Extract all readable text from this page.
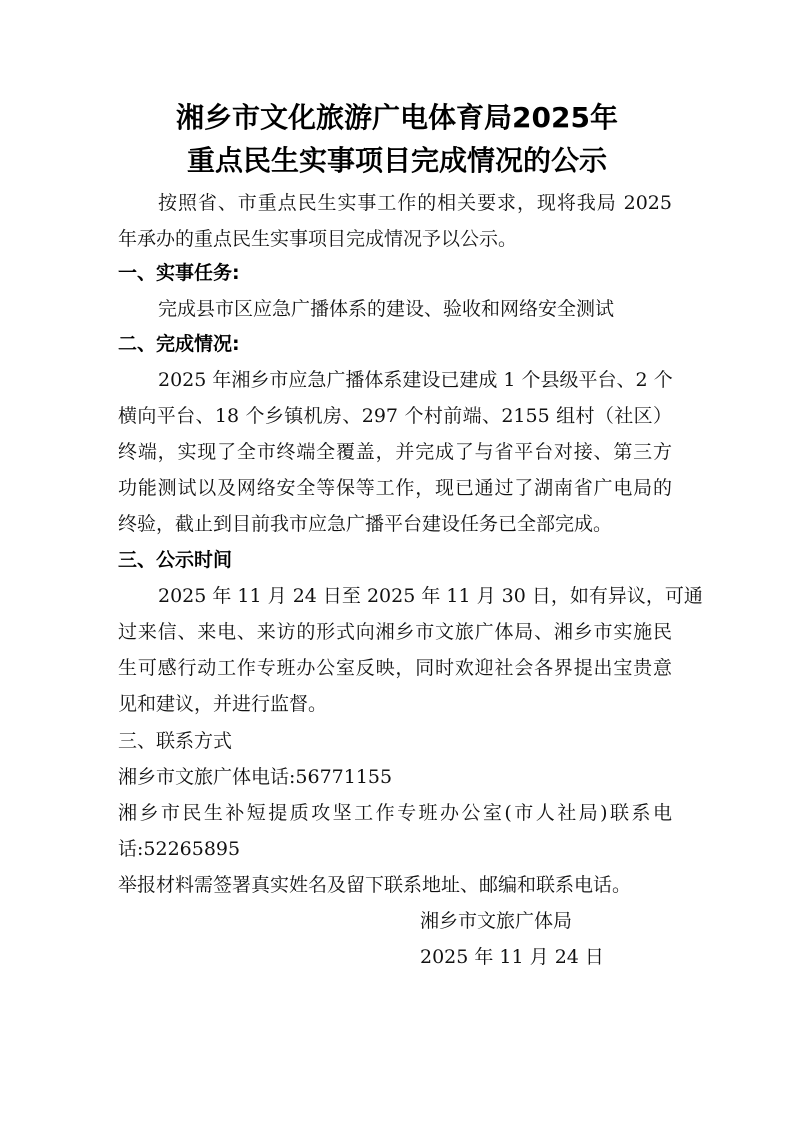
湘乡市文化旅游广电体育局2025年
重点民生实事项目完成情况的公示
按照省、市重点民生实事工作的相关要求，现将我局 2025
年承办的重点民生实事项目完成情况予以公示。
一、实事任务:
完成县市区应急广播体系的建设、验收和网络安全测试
二、完成情况:
2025 年湘乡市应急广播体系建设已建成 1 个县级平台、2 个
横向平台、18 个乡镇机房、297 个村前端、2155 组村（社区）
终端，实现了全市终端全覆盖，并完成了与省平台对接、第三方
功能测试以及网络安全等保等工作，现已通过了湖南省广电局的
终验，截止到目前我市应急广播平台建设任务已全部完成。
三、公示时间
2025 年 11 月 24 日至 2025 年 11 月 30 日，如有异议，可通
过来信、来电、来访的形式向湘乡市文旅广体局、湘乡市实施民
生可感行动工作专班办公室反映，同时欢迎社会各界提出宝贵意
见和建议，并进行监督。
三、联系方式
湘乡市文旅广体电话:56771155
湘乡市民生补短提质攻坚工作专班办公室(市人社局)联系电
话:52265895
举报材料需签署真实姓名及留下联系地址、邮编和联系电话。
湘乡市文旅广体局
2025 年 11 月 24 日
